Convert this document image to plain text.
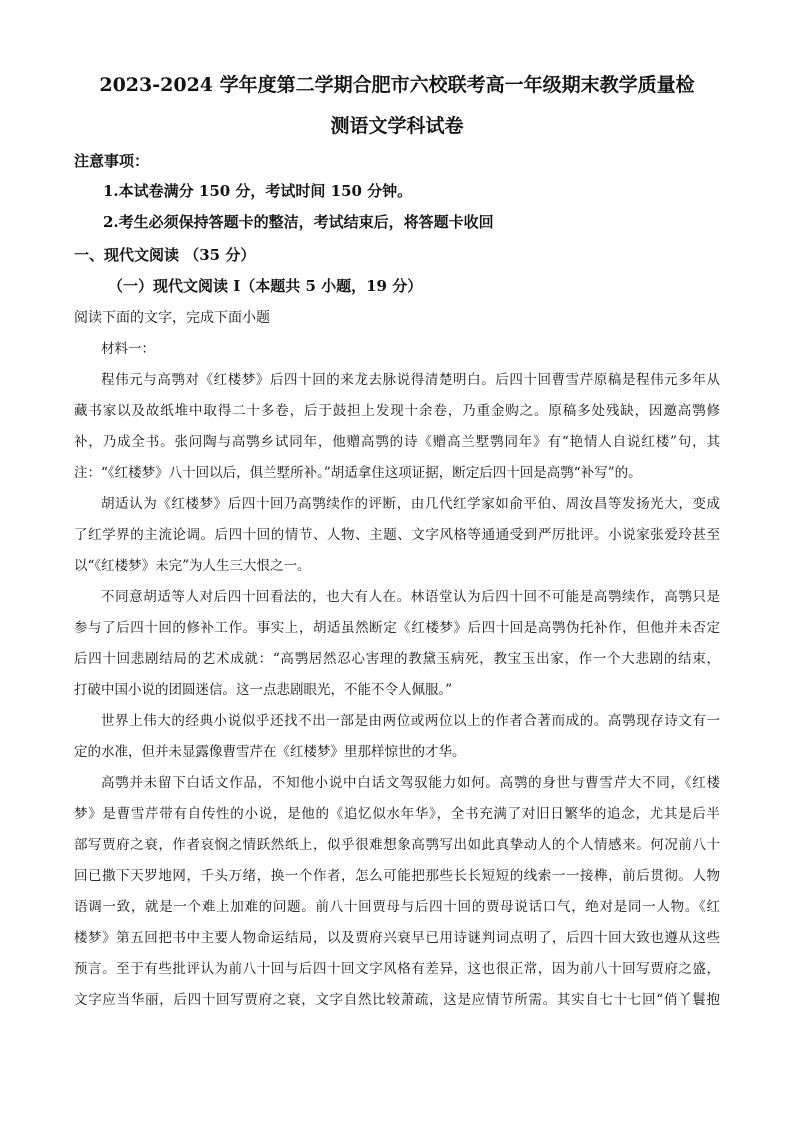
2023-2024 学年度第二学期合肥市六校联考高一年级期末教学质量检
测语文学科试卷
注意事项：
1.本试卷满分 150 分，考试时间 150 分钟。
2.考生必须保持答题卡的整洁，考试结束后，将答题卡收回
一、现代文阅读 （35 分）
（一）现代文阅读 Ⅰ（本题共 5 小题，19 分）
阅读下面的文字，完成下面小题
材料一：
程伟元与高鹗对《红楼梦》后四十回的来龙去脉说得清楚明白。后四十回曹雪芹原稿是程伟元多年从
藏书家以及故纸堆中取得二十多卷，后于鼓担上发现十余卷，乃重金购之。原稿多处残缺，因邀高鹗修
补，乃成全书。张问陶与高鹗乡试同年，他赠高鹗的诗《赠高兰墅鹗同年》有“艳情人自说红楼”句，其
注：“《红楼梦》八十回以后，俱兰墅所补。”胡适拿住这项证据，断定后四十回是高鹗“补写”的。
胡适认为《红楼梦》后四十回乃高鹗续作的评断，由几代红学家如俞平伯、周汝昌等发扬光大，变成
了红学界的主流论调。后四十回的情节、人物、主题、文字风格等通通受到严厉批评。小说家张爱玲甚至
以“《红楼梦》未完”为人生三大恨之一。
不同意胡适等人对后四十回看法的，也大有人在。林语堂认为后四十回不可能是高鹗续作，高鹗只是
参与了后四十回的修补工作。事实上，胡适虽然断定《红楼梦》后四十回是高鹗伪托补作，但他并未否定
后四十回悲剧结局的艺术成就：“高鹗居然忍心害理的教黛玉病死，教宝玉出家，作一个大悲剧的结束，
打破中国小说的团圆迷信。这一点悲剧眼光，不能不令人佩服。”
世界上伟大的经典小说似乎还找不出一部是由两位或两位以上的作者合著而成的。高鹗现存诗文有一
定的水准，但并未显露像曹雪芹在《红楼梦》里那样惊世的才华。
高鹗并未留下白话文作品，不知他小说中白话文驾驭能力如何。高鹗的身世与曹雪芹大不同，《红楼
梦》是曹雪芹带有自传性的小说，是他的《追忆似水年华》，全书充满了对旧日繁华的追念，尤其是后半
部写贾府之衰，作者哀悯之情跃然纸上，似乎很难想象高鹗写出如此真挚动人的个人情感来。何况前八十
回已撒下天罗地网，千头万绪，换一个作者，怎么可能把那些长长短短的线索一一接榫，前后贯彻。人物
语调一致，就是一个难上加难的问题。前八十回贾母与后四十回的贾母说话口气，绝对是同一人物。《红
楼梦》第五回把书中主要人物命运结局，以及贾府兴衰早已用诗谜判词点明了，后四十回大致也遵从这些
预言。至于有些批评认为前八十回与后四十回文字风格有差异，这也很正常，因为前八十回写贾府之盛，
文字应当华丽，后四十回写贾府之衰，文字自然比较萧疏，这是应情节所需。其实自七十七回“俏丫鬟抱
